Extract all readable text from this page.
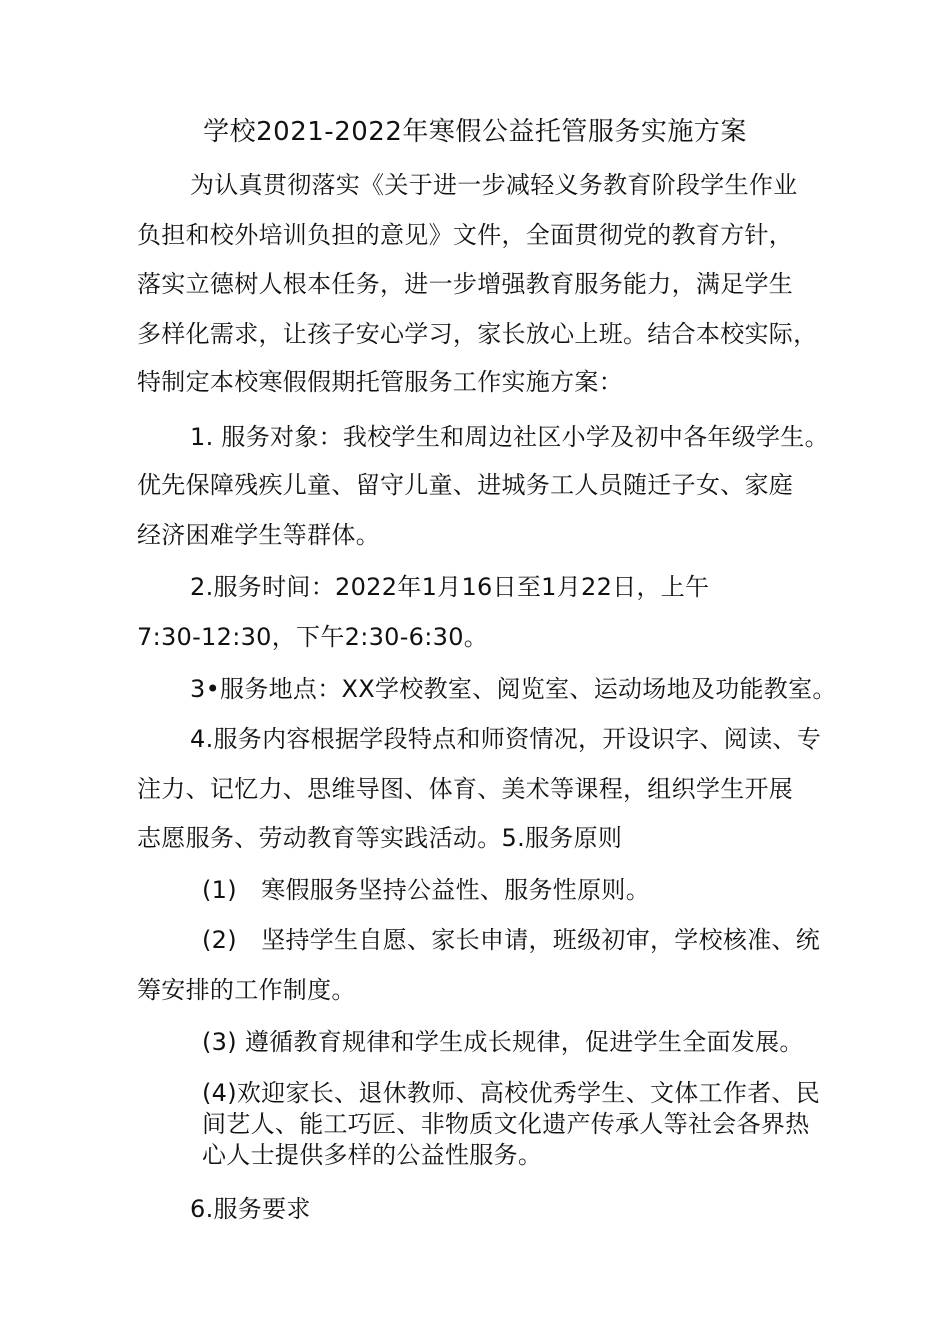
学校2021-2022年寒假公益托管服务实施方案
为认真贯彻落实《关于进一步减轻义务教育阶段学生作业
负担和校外培训负担的意见》文件，全面贯彻党的教育方针，
落实立德树人根本任务，进一步增强教育服务能力，满足学生
多样化需求，让孩子安心学习，家长放心上班。结合本校实际，
特制定本校寒假假期托管服务工作实施方案：
1. 服务对象：我校学生和周边社区小学及初中各年级学生。
优先保障残疾儿童、留守儿童、进城务工人员随迁子女、家庭
经济困难学生等群体。
2.服务时间：2022年1月16日至1月22日，上午
7:30-12:30，下午2:30-6:30。
3•服务地点：XX学校教室、阅览室、运动场地及功能教室。
4.服务内容根据学段特点和师资情况，开设识字、阅读、专
注力、记忆力、思维导图、体育、美术等课程，组织学生开展
志愿服务、劳动教育等实践活动。5.服务原则
(1)　寒假服务坚持公益性、服务性原则。
(2)　坚持学生自愿、家长申请，班级初审，学校核准、统
筹安排的工作制度。
(3) 遵循教育规律和学生成长规律，促进学生全面发展。
(4)欢迎家长、退休教师、高校优秀学生、文体工作者、民
间艺人、能工巧匠、非物质文化遗产传承人等社会各界热
心人士提供多样的公益性服务。
6.服务要求
